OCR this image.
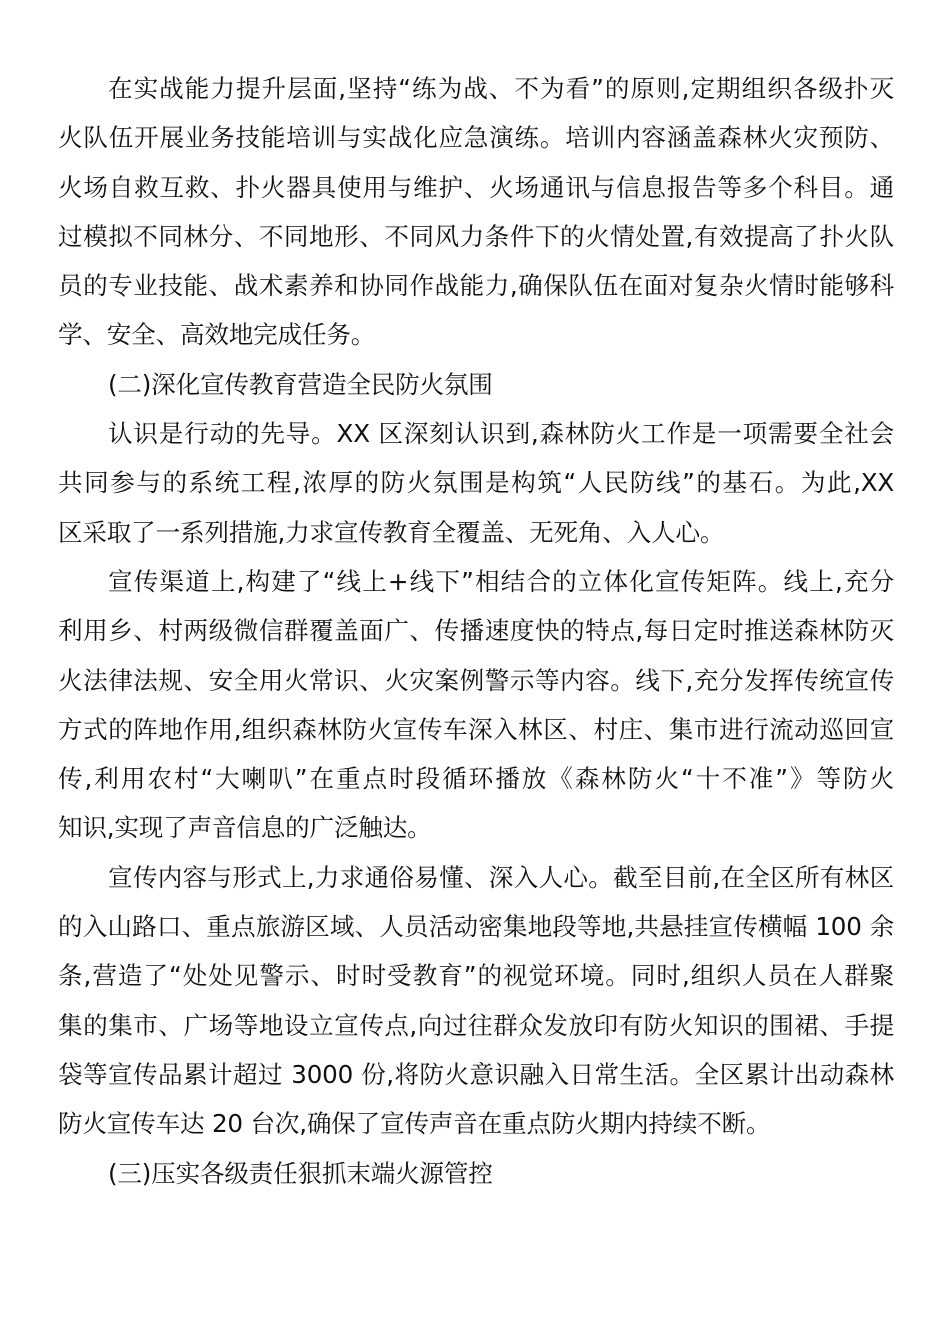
在实战能力提升层面,坚持“练为战、不为看”的原则,定期组织各级扑灭
火队伍开展业务技能培训与实战化应急演练。培训内容涵盖森林火灾预防、
火场自救互救、扑火器具使用与维护、火场通讯与信息报告等多个科目。通
过模拟不同林分、不同地形、不同风力条件下的火情处置,有效提高了扑火队
员的专业技能、战术素养和协同作战能力,确保队伍在面对复杂火情时能够科
学、安全、高效地完成任务。
(二)深化宣传教育营造全民防火氛围
认识是行动的先导。XX 区深刻认识到,森林防火工作是一项需要全社会
共同参与的系统工程,浓厚的防火氛围是构筑“人民防线”的基石。为此,XX
区采取了一系列措施,力求宣传教育全覆盖、无死角、入人心。
宣传渠道上,构建了“线上+线下”相结合的立体化宣传矩阵。线上,充分
利用乡、村两级微信群覆盖面广、传播速度快的特点,每日定时推送森林防灭
火法律法规、安全用火常识、火灾案例警示等内容。线下,充分发挥传统宣传
方式的阵地作用,组织森林防火宣传车深入林区、村庄、集市进行流动巡回宣
传,利用农村“大喇叭”在重点时段循环播放《森林防火“十不准”》等防火
知识,实现了声音信息的广泛触达。
宣传内容与形式上,力求通俗易懂、深入人心。截至目前,在全区所有林区
的入山路口、重点旅游区域、人员活动密集地段等地,共悬挂宣传横幅 100 余
条,营造了“处处见警示、时时受教育”的视觉环境。同时,组织人员在人群聚
集的集市、广场等地设立宣传点,向过往群众发放印有防火知识的围裙、手提
袋等宣传品累计超过 3000 份,将防火意识融入日常生活。全区累计出动森林
防火宣传车达 20 台次,确保了宣传声音在重点防火期内持续不断。
(三)压实各级责任狠抓末端火源管控
